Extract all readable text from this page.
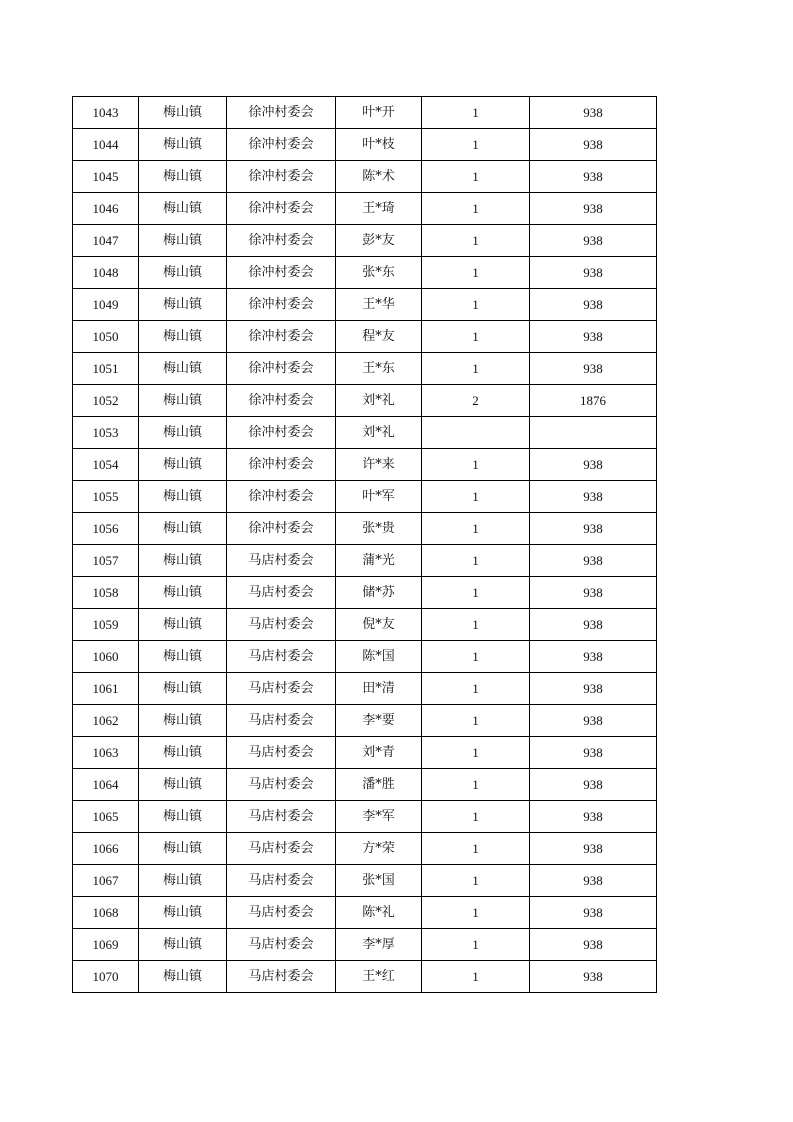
1043	梅山镇	徐冲村委会	叶*开	1	938
1044	梅山镇	徐冲村委会	叶*枝	1	938
1045	梅山镇	徐冲村委会	陈*术	1	938
1046	梅山镇	徐冲村委会	王*琦	1	938
1047	梅山镇	徐冲村委会	彭*友	1	938
1048	梅山镇	徐冲村委会	张*东	1	938
1049	梅山镇	徐冲村委会	王*华	1	938
1050	梅山镇	徐冲村委会	程*友	1	938
1051	梅山镇	徐冲村委会	王*东	1	938
1052	梅山镇	徐冲村委会	刘*礼	2	1876
1053	梅山镇	徐冲村委会	刘*礼		
1054	梅山镇	徐冲村委会	许*来	1	938
1055	梅山镇	徐冲村委会	叶*军	1	938
1056	梅山镇	徐冲村委会	张*贵	1	938
1057	梅山镇	马店村委会	蒲*光	1	938
1058	梅山镇	马店村委会	储*苏	1	938
1059	梅山镇	马店村委会	倪*友	1	938
1060	梅山镇	马店村委会	陈*国	1	938
1061	梅山镇	马店村委会	田*清	1	938
1062	梅山镇	马店村委会	李*要	1	938
1063	梅山镇	马店村委会	刘*青	1	938
1064	梅山镇	马店村委会	潘*胜	1	938
1065	梅山镇	马店村委会	李*军	1	938
1066	梅山镇	马店村委会	方*荣	1	938
1067	梅山镇	马店村委会	张*国	1	938
1068	梅山镇	马店村委会	陈*礼	1	938
1069	梅山镇	马店村委会	李*厚	1	938
1070	梅山镇	马店村委会	王*红	1	938
